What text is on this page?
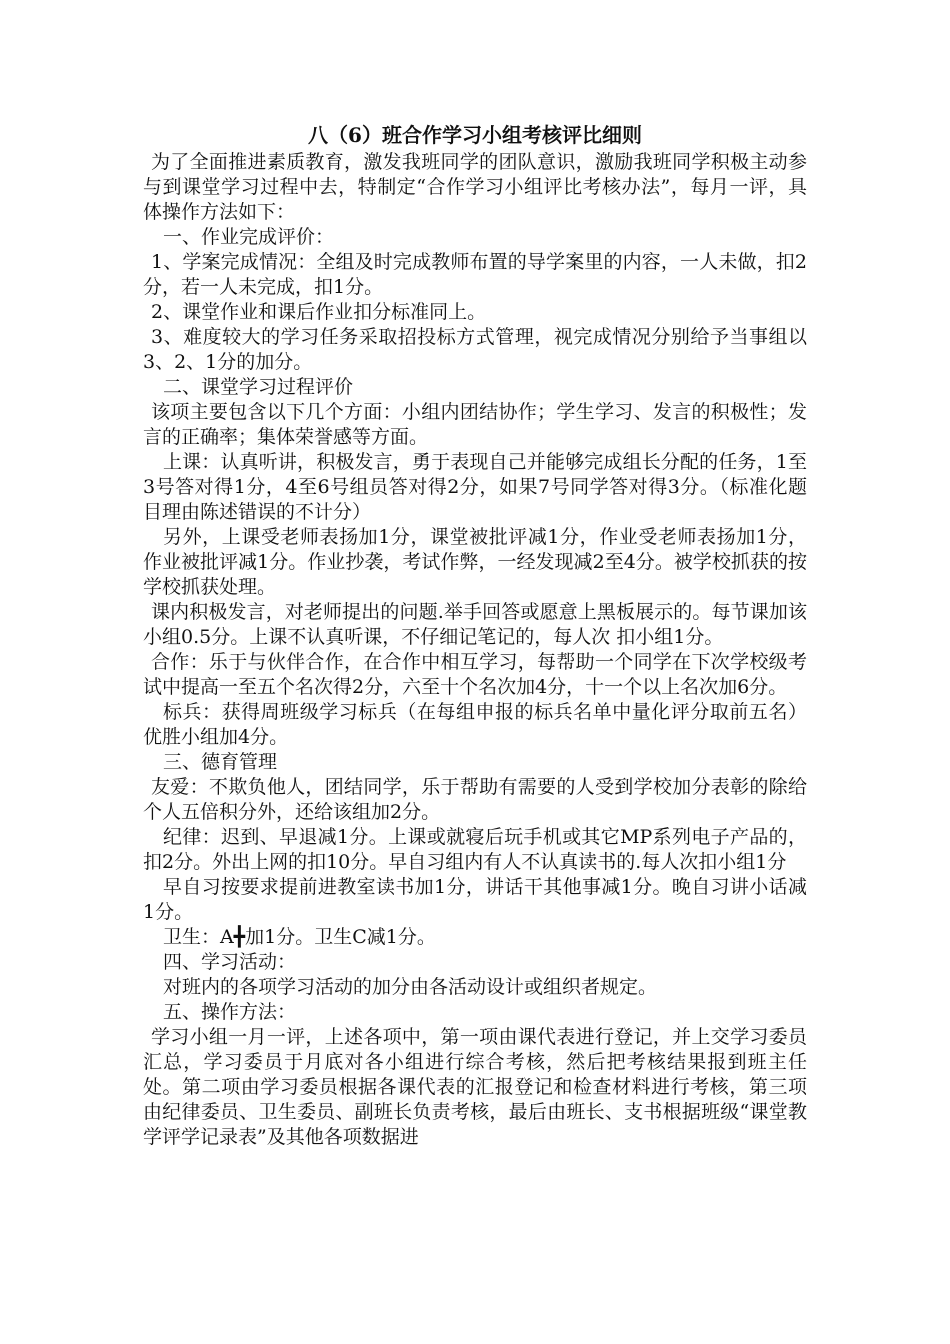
八（6）班合作学习小组考核评比细则

为了全面推进素质教育，激发我班同学的团队意识，激励我班同学积极主动参与到课堂学习过程中去，特制定“合作学习小组评比考核办法”，每月一评，具体操作方法如下：

一、作业完成评价：

1、学案完成情况：全组及时完成教师布置的导学案里的内容，一人未做，扣2分，若一人未完成，扣1分。

2、课堂作业和课后作业扣分标准同上。

3、难度较大的学习任务采取招投标方式管理，视完成情况分别给予当事组以3、2、1分的加分。

二、课堂学习过程评价

该项主要包含以下几个方面：小组内团结协作；学生学习、发言的积极性；发言的正确率；集体荣誉感等方面。

上课：认真听讲，积极发言，勇于表现自己并能够完成组长分配的任务，1至3号答对得1分，4至6号组员答对得2分，如果7号同学答对得3分。（标准化题目理由陈述错误的不计分）

另外，上课受老师表扬加1分，课堂被批评减1分，作业受老师表扬加1分，作业被批评减1分。作业抄袭，考试作弊，一经发现减2至4分。被学校抓获的按学校抓获处理。

课内积极发言，对老师提出的问题.举手回答或愿意上黑板展示的。每节课加该小组0.5分。上课不认真听课，不仔细记笔记的，每人次 扣小组1分。

合作：乐于与伙伴合作，在合作中相互学习，每帮助一个同学在下次学校级考试中提高一至五个名次得2分，六至十个名次加4分，十一个以上名次加6分。

标兵：获得周班级学习标兵（在每组申报的标兵名单中量化评分取前五名）优胜小组加4分。

三、德育管理

友爱：不欺负他人，团结同学，乐于帮助有需要的人受到学校加分表彰的除给个人五倍积分外，还给该组加2分。

纪律：迟到、早退减1分。上课或就寝后玩手机或其它MP系列电子产品的，扣2分。外出上网的扣10分。早自习组内有人不认真读书的.每人次扣小组1分

早自习按要求提前进教室读书加1分，讲话干其他事减1分。晚自习讲小话减1分。

卫生：A╋加1分。卫生C减1分。

四、学习活动：

对班内的各项学习活动的加分由各活动设计或组织者规定。

五、操作方法：

学习小组一月一评，上述各项中，第一项由课代表进行登记，并上交学习委员汇总，学习委员于月底对各小组进行综合考核，然后把考核结果报到班主任处。第二项由学习委员根据各课代表的汇报登记和检查材料进行考核，第三项由纪律委员、卫生委员、副班长负责考核，最后由班长、支书根据班级“课堂教学评学记录表”及其他各项数据进
